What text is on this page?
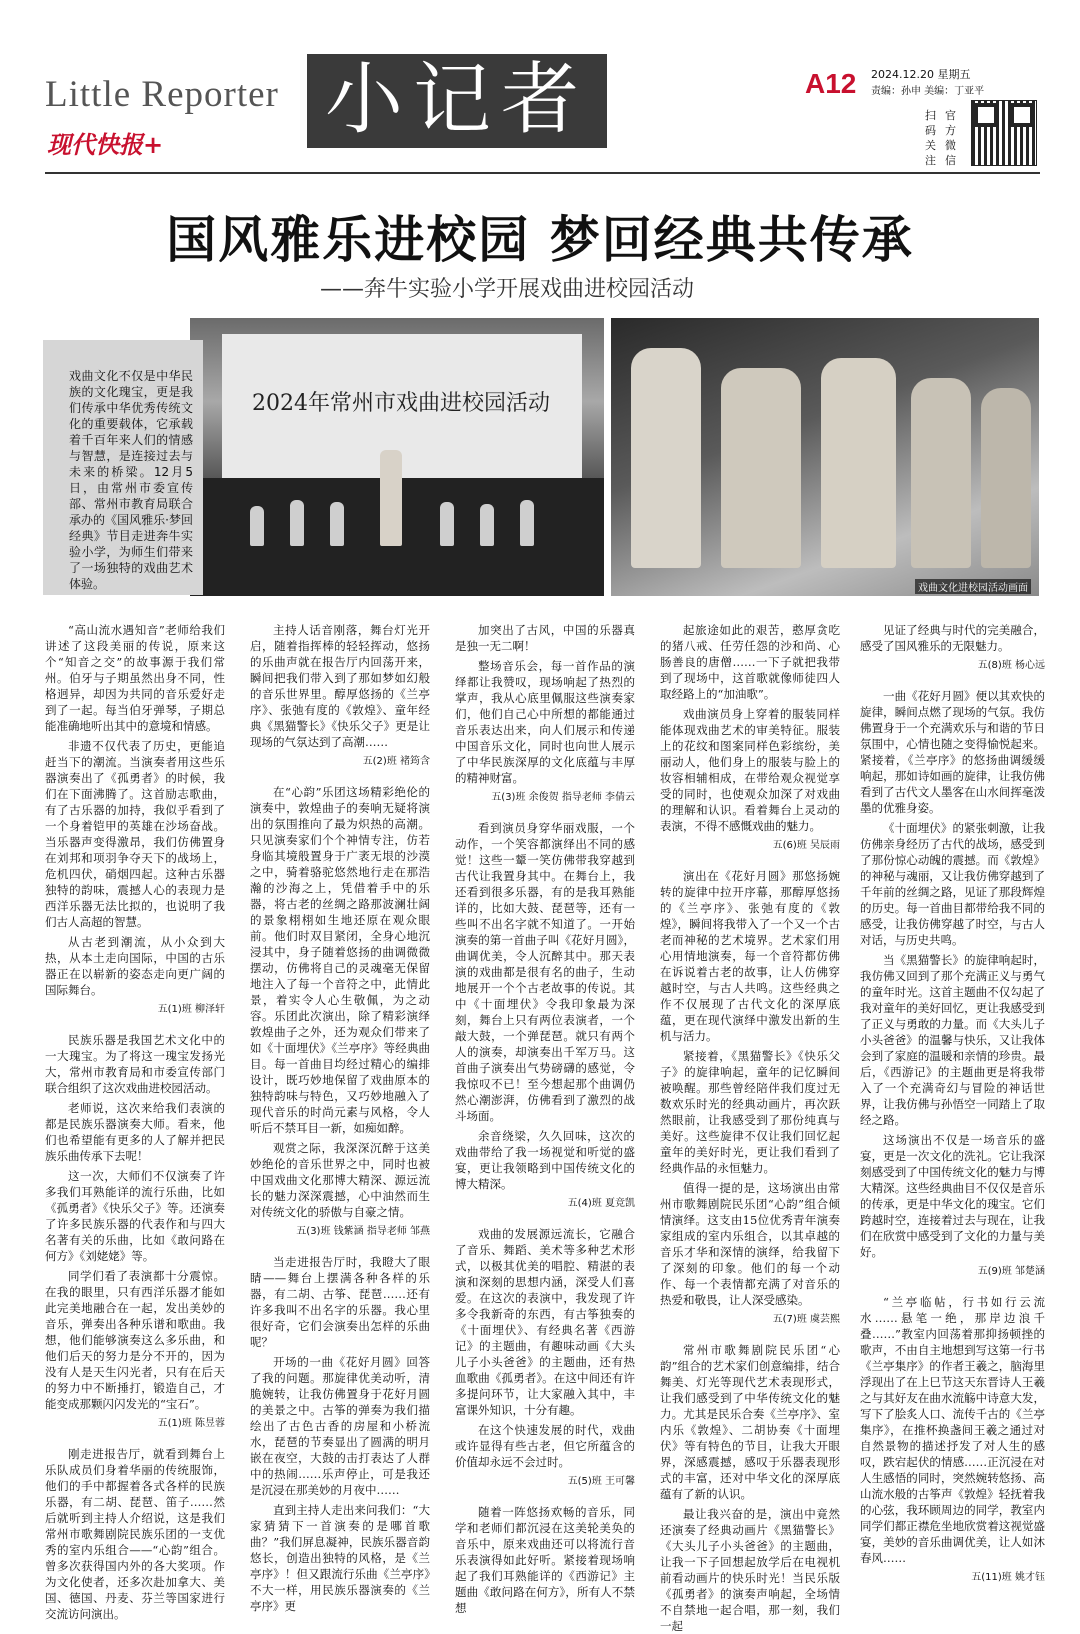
Little Reporter
现代快报+ 小记者	A12 2024.12.20 星期五
责编：孙申 美编：丁亚平
扫码关注
官方微信
国风雅乐进校园 梦回经典共传承
——奔牛实验小学开展戏曲进校园活动
2024年常州市戏曲进校园活动
戏曲文化不仅是中华民族的文化瑰宝，更是我们传承中华优秀传统文化的重要载体，它承载着千百年来人们的情感与智慧，是连接过去与未来的桥梁。12月5日，由常州市委宣传部、常州市教育局联合承办的《国风雅乐·梦回经典》节目走进奔牛实验小学，为师生们带来了一场独特的戏曲艺术体验。	戏曲文化进校园活动画面

“高山流水遇知音”老师给我们讲述了这段美丽的传说，原来这个“知音之交”的故事源于我们常州。伯牙与子期虽然出身不同，性格迥异，却因为共同的音乐爱好走到了一起。每当伯牙弹琴，子期总能准确地听出其中的意境和情感。

非遗不仅代表了历史，更能追赶当下的潮流。当演奏者用这些乐器演奏出了《孤勇者》的时候，我们在下面沸腾了。这首励志歌曲，有了古乐器的加持，我似乎看到了一个身着铠甲的英雄在沙场奋战。当乐器声变得激昂，我们仿佛置身在刘邦和项羽争夺天下的战场上，危机四伏，硝烟四起。这种古乐器独特的韵味，震撼人心的表现力是西洋乐器无法比拟的，也说明了我们古人高超的智慧。

从古老到潮流，从小众到大热，从本土走向国际，中国的古乐器正在以崭新的姿态走向更广阔的国际舞台。

五(1)班 柳泽轩

民族乐器是我国艺术文化中的一大瑰宝。为了将这一瑰宝发扬光大，常州市教育局和市委宣传部门联合组织了这次戏曲进校园活动。

老师说，这次来给我们表演的都是民族乐器演奏大师。看来，他们也希望能有更多的人了解并把民族乐曲传承下去呢！

这一次，大师们不仅演奏了许多我们耳熟能详的流行乐曲，比如《孤勇者》《快乐父子》等。还演奏了许多民族乐器的代表作和与四大名著有关的乐曲，比如《敢问路在何方》《刘姥姥》等。

同学们看了表演都十分震惊。在我的眼里，只有西洋乐器才能如此完美地融合在一起，发出美妙的音乐，弹奏出各种乐谱和歌曲。我想，他们能够演奏这么多乐曲，和他们后天的努力是分不开的，因为没有人是天生闪光者，只有在后天的努力中不断捶打，锻造自己，才能变成那颗闪闪发光的“宝石”。

五(1)班 陈昱蓉

刚走进报告厅，就看到舞台上乐队成员们身着华丽的传统服饰，他们的手中都握着各式各样的民族乐器，有二胡、琵琶、笛子……然后就听到主持人介绍说，这是我们常州市歌舞剧院民族乐团的一支优秀的室内乐组合——“心韵”组合。曾多次获得国内外的各大奖项。作为文化使者，还多次赴加拿大、美国、德国、丹麦、芬兰等国家进行交流访问演出。

主持人话音刚落，舞台灯光开启，随着指挥棒的轻轻挥动，悠扬的乐曲声就在报告厅内回荡开来，瞬间把我们带入到了那如梦如幻般的音乐世界里。醇厚悠扬的《兰亭序》、张弛有度的《敦煌》、童年经典《黑猫警长》《快乐父子》更是让现场的气氛达到了高潮……

五(2)班 褚筠含

在“心韵”乐团这场精彩绝伦的演奏中，敦煌曲子的奏响无疑将演出的氛围推向了最为炽热的高潮。只见演奏家们个个神情专注，仿若身临其境般置身于广袤无垠的沙漠之中，骑着骆驼悠然地行走在那浩瀚的沙海之上，凭借着手中的乐器，将古老的丝绸之路那波澜壮阔的景象栩栩如生地还原在观众眼前。他们时双目紧闭，全身心地沉浸其中，身子随着悠扬的曲调微微摆动，仿佛将自己的灵魂毫无保留地注入了每一个音符之中，此情此景，着实令人心生敬佩，为之动容。乐团此次演出，除了精彩演绎敦煌曲子之外，还为观众们带来了如《十面埋伏》《兰亭序》等经典曲目。每一首曲目均经过精心的编排设计，既巧妙地保留了戏曲原本的独特韵味与特色，又巧妙地融入了现代音乐的时尚元素与风格，令人听后不禁耳目一新，如痴如醉。

观赏之际，我深深沉醉于这美妙绝伦的音乐世界之中，同时也被中国戏曲文化那博大精深、源远流长的魅力深深震撼，心中油然而生对传统文化的骄傲与自豪之情。

五(3)班 钱紫涵 指导老师 邹燕

当走进报告厅时，我瞪大了眼睛——舞台上摆满各种各样的乐器，有二胡、古筝、琵琶……还有许多我叫不出名字的乐器。我心里很好奇，它们会演奏出怎样的乐曲呢？

开场的一曲《花好月圆》回答了我的问题。那旋律优美动听，清脆婉转，让我仿佛置身于花好月圆的美景之中。古筝的弹奏为我们描绘出了古色古香的房屋和小桥流水，琵琶的节奏显出了圆满的明月嵌在夜空，大鼓的击打表达了人群中的热闹……乐声停止，可是我还是沉浸在那美妙的月夜中……

直到主持人走出来问我们：“大家猜猜下一首演奏的是哪首歌曲？”我们屏息凝神，民族乐器音韵悠长，创造出独特的风格，是《兰亭序》！但又跟流行乐曲《兰亭序》不大一样，用民族乐器演奏的《兰亭序》更

加突出了古风，中国的乐器真是独一无二啊！

整场音乐会，每一首作品的演绎都让我赞叹，现场响起了热烈的掌声，我从心底里佩服这些演奏家们，他们自己心中所想的都能通过音乐表达出来，向人们展示和传递中国音乐文化，同时也向世人展示了中华民族深厚的文化底蕴与丰厚的精神财富。

五(3)班 余俊贺 指导老师 李倩云

看到演员身穿华丽戏服，一个动作，一个笑容都演绎出不同的感觉！这些一颦一笑仿佛带我穿越到古代让我置身其中。在舞台上，我还看到很多乐器，有的是我耳熟能详的，比如大鼓、琵琶等，还有一些叫不出名字就不知道了。一开始演奏的第一首曲子叫《花好月圆》，曲调优美，令人沉醉其中。那天表演的戏曲都是很有名的曲子，生动地展开一个个古老故事的传说。其中《十面埋伏》令我印象最为深刻，舞台上只有两位表演者，一个敲大鼓，一个弹琵琶。就只有两个人的演奏，却演奏出千军万马。这首曲子演奏出气势磅礴的感觉，令我惊叹不已！至今想起那个曲调仍然心潮澎湃，仿佛看到了激烈的战斗场面。

余音绕梁，久久回味，这次的戏曲带给了我一场视觉和听觉的盛宴，更让我领略到中国传统文化的博大精深。

五(4)班 夏竞凯

戏曲的发展源远流长，它融合了音乐、舞蹈、美术等多种艺术形式，以极其优美的唱腔、精湛的表演和深刻的思想内涵，深受人们喜爱。在这次的表演中，我发现了许多令我新奇的东西，有古筝独奏的《十面埋伏》、有经典名著《西游记》的主题曲，有趣味动画《大头儿子小头爸爸》的主题曲，还有热血歌曲《孤勇者》。在这中间还有许多提问环节，让大家融入其中，丰富课外知识，十分有趣。

在这个快速发展的时代，戏曲或许显得有些古老，但它所蕴含的价值却永远不会过时。

五(5)班 王可馨

随着一阵悠扬欢畅的音乐，同学和老师们都沉浸在这美轮美奂的音乐中，原来戏曲还可以将流行音乐表演得如此好听。紧接着现场响起了我们耳熟能详的《西游记》主题曲《敢问路在何方》，所有人不禁想

起旅途如此的艰苦，憨厚贪吃的猪八戒、任劳任怨的沙和尚、心肠善良的唐僧……一下子就把我带到了现场中，这首歌就像师徒四人取经路上的“加油歌”。

戏曲演员身上穿着的服装同样能体现戏曲艺术的审美特征。服装上的花纹和图案同样色彩缤纷，美丽动人，他们身上的服装与脸上的妆容相辅相成，在带给观众视觉享受的同时，也使观众加深了对戏曲的理解和认识。看着舞台上灵动的表演，不得不感慨戏曲的魅力。

五(6)班 吴辰雨

演出在《花好月圆》那悠扬婉转的旋律中拉开序幕，那醇厚悠扬的《兰亭序》、张弛有度的《敦煌》，瞬间将我带入了一个又一个古老而神秘的艺术境界。艺术家们用心用情地演奏，每一个音符都仿佛在诉说着古老的故事，让人仿佛穿越时空，与古人共鸣。这些经典之作不仅展现了古代文化的深厚底蕴，更在现代演绎中激发出新的生机与活力。

紧接着，《黑猫警长》《快乐父子》的旋律响起，童年的记忆瞬间被唤醒。那些曾经陪伴我们度过无数欢乐时光的经典动画片，再次跃然眼前，让我感受到了那份纯真与美好。这些旋律不仅让我们回忆起童年的美好时光，更让我们看到了经典作品的永恒魅力。

值得一提的是，这场演出由常州市歌舞剧院民乐团“心韵”组合倾情演绎。这支由15位优秀青年演奏家组成的室内乐组合，以其卓越的音乐才华和深情的演绎，给我留下了深刻的印象。他们的每一个动作、每一个表情都充满了对音乐的热爱和敬畏，让人深受感染。

五(7)班 虞芸熙

常州市歌舞剧院民乐团“心韵”组合的艺术家们创意编排，结合舞美、灯光等现代艺术表现形式，让我们感受到了中华传统文化的魅力。尤其是民乐合奏《兰亭序》、室内乐《敦煌》、二胡协奏《十面埋伏》等有特色的节目，让我大开眼界，深感震撼，感叹于乐器表现形式的丰富，还对中华文化的深厚底蕴有了新的认识。

最让我兴奋的是，演出中竟然还演奏了经典动画片《黑猫警长》《大头儿子小头爸爸》的主题曲，让我一下子回想起放学后在电视机前看动画片的快乐时光！当民乐版《孤勇者》的演奏声响起，全场情不自禁地一起合唱，那一刻，我们一起

见证了经典与时代的完美融合，感受了国风雅乐的无限魅力。

五(8)班 杨心远

一曲《花好月圆》便以其欢快的旋律，瞬间点燃了现场的气氛。我仿佛置身于一个充满欢乐与和谐的节日氛围中，心情也随之变得愉悦起来。紧接着，《兰亭序》的悠扬曲调缓缓响起，那如诗如画的旋律，让我仿佛看到了古代文人墨客在山水间挥毫泼墨的优雅身姿。

《十面埋伏》的紧张刺激，让我仿佛亲身经历了古代的战场，感受到了那份惊心动魄的震撼。而《敦煌》的神秘与魂丽，又让我仿佛穿越到了千年前的丝绸之路，见证了那段辉煌的历史。每一首曲目都带给我不同的感受，让我仿佛穿越了时空，与古人对话，与历史共鸣。

当《黑猫警长》的旋律响起时，我仿佛又回到了那个充满正义与勇气的童年时光。这首主题曲不仅勾起了我对童年的美好回忆，更让我感受到了正义与勇敢的力量。而《大头儿子小头爸爸》的温馨与快乐，又让我体会到了家庭的温暖和亲情的珍贵。最后，《西游记》的主题曲更是将我带入了一个充满奇幻与冒险的神话世界，让我仿佛与孙悟空一同踏上了取经之路。

这场演出不仅是一场音乐的盛宴，更是一次文化的洗礼。它让我深刻感受到了中国传统文化的魅力与博大精深。这些经典曲目不仅仅是音乐的传承，更是中华文化的瑰宝。它们跨越时空，连接着过去与现在，让我们在欣赏中感受到了文化的力量与美好。

五(9)班 邹楚涵

“兰亭临帖，行书如行云流水……悬笔一绝，那岸边浪千叠……”教室内回荡着那抑扬顿挫的歌声，不由自主地想到写这第一行书《兰亭集序》的作者王羲之，脑海里浮现出了在上巳节这天东晋诗人王羲之与其好友在曲水流觞中诗意大发，写下了脍炙人口、流传千古的《兰亭集序》，在推杯换盏间王羲之通过对自然景物的描述抒发了对人生的感叹，跌宕起伏的情感……正沉浸在对人生感悟的同时，突然婉转悠扬、高山流水般的古筝声《敦煌》轻抚着我的心弦，我环顾周边的同学，教室内同学们都正襟危坐地欣赏着这视觉盛宴，美妙的音乐曲调优美，让人如沐春风……

五(11)班 姚才钰
